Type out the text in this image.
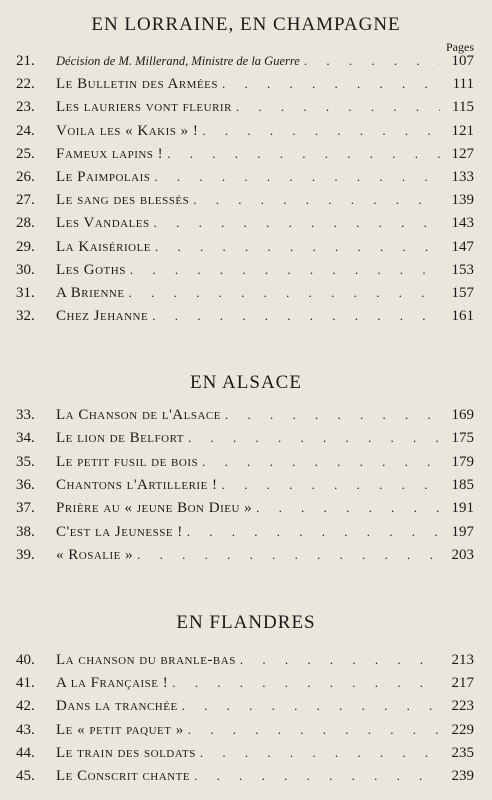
Pages
EN LORRAINE, EN CHAMPAGNE
21.	Décision de M. Millerand, Ministre de la Guerre . . .	107
22.	Le Bulletin des Armées . . .	111
23.	Les lauriers vont fleurir . . .	115
24.	Voila les « Kakis » ! . . .	121
25.	Fameux lapins ! . . .	127
26.	Le Paimpolais . . .	133
27.	Le sang des blessés . . .	139
28.	Les Vandales . . .	143
29.	La Kaisériole . . .	147
30.	Les Goths . . .	153
31.	A Brienne . . .	157
32.	Chez Jehanne . . .	161
EN ALSACE
33.	La Chanson de l'Alsace . . .	169
34.	Le lion de Belfort . . .	175
35.	Le petit fusil de bois . . .	179
36.	Chantons l'Artillerie ! . . .	185
37.	Prière au « jeune Bon Dieu » . . .	191
38.	C'est la Jeunesse ! . . .	197
39.	« Rosalie » . . .	203
EN FLANDRES
40.	La chanson du branle-bas . . .	213
41.	A la Française ! . . .	217
42.	Dans la tranchée . . .	223
43.	Le « petit paquet » . . .	229
44.	Le train des soldats . . .	235
45.	Le Conscrit chante . . .	239
